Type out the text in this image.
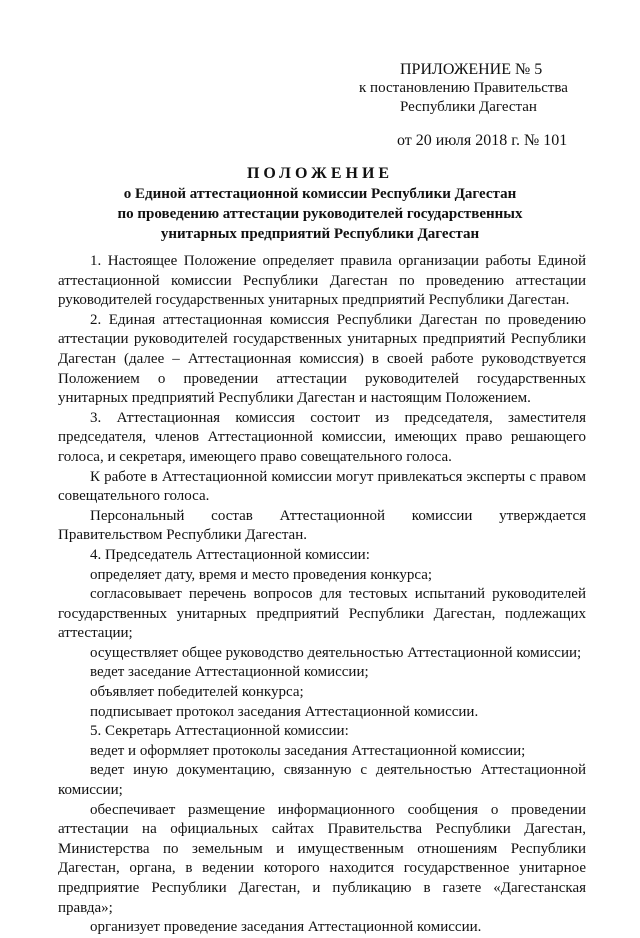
ПРИЛОЖЕНИЕ № 5
к постановлению Правительства
Республики Дагестан
от 20 июля 2018 г. № 101
ПОЛОЖЕНИЕ
о Единой аттестационной комиссии Республики Дагестан
по проведению аттестации руководителей государственных
унитарных предприятий Республики Дагестан

1. Настоящее Положение определяет правила организации работы Единой аттестационной комиссии Республики Дагестан по проведению аттестации руководителей государственных унитарных предприятий Республики Дагестан.

2. Единая аттестационная комиссия Республики Дагестан по проведению аттестации руководителей государственных унитарных предприятий Республики Дагестан (далее – Аттестационная комиссия) в своей работе руководствуется Положением о проведении аттестации руководителей государственных унитарных предприятий Республики Дагестан и настоящим Положением.

3. Аттестационная комиссия состоит из председателя, заместителя председателя, членов Аттестационной комиссии, имеющих право решающего голоса, и секретаря, имеющего право совещательного голоса.

К работе в Аттестационной комиссии могут привлекаться эксперты с правом совещательного голоса.

Персональный состав Аттестационной комиссии утверждается Правительством Республики Дагестан.

4. Председатель Аттестационной комиссии:

определяет дату, время и место проведения конкурса;

согласовывает перечень вопросов для тестовых испытаний руководителей государственных унитарных предприятий Республики Дагестан, подлежащих аттестации;

осуществляет общее руководство деятельностью Аттестационной комиссии;

ведет заседание Аттестационной комиссии;

объявляет победителей конкурса;

подписывает протокол заседания Аттестационной комиссии.

5. Секретарь Аттестационной комиссии:

ведет и оформляет протоколы заседания Аттестационной комиссии;

ведет иную документацию, связанную с деятельностью Аттестационной комиссии;

обеспечивает размещение информационного сообщения о проведении аттестации на официальных сайтах Правительства Республики Дагестан, Министерства по земельным и имущественным отношениям Республики Дагестан, органа, в ведении которого находится государственное унитарное предприятие Республики Дагестан, и публикацию в газете «Дагестанская правда»;

организует проведение заседания Аттестационной комиссии.
